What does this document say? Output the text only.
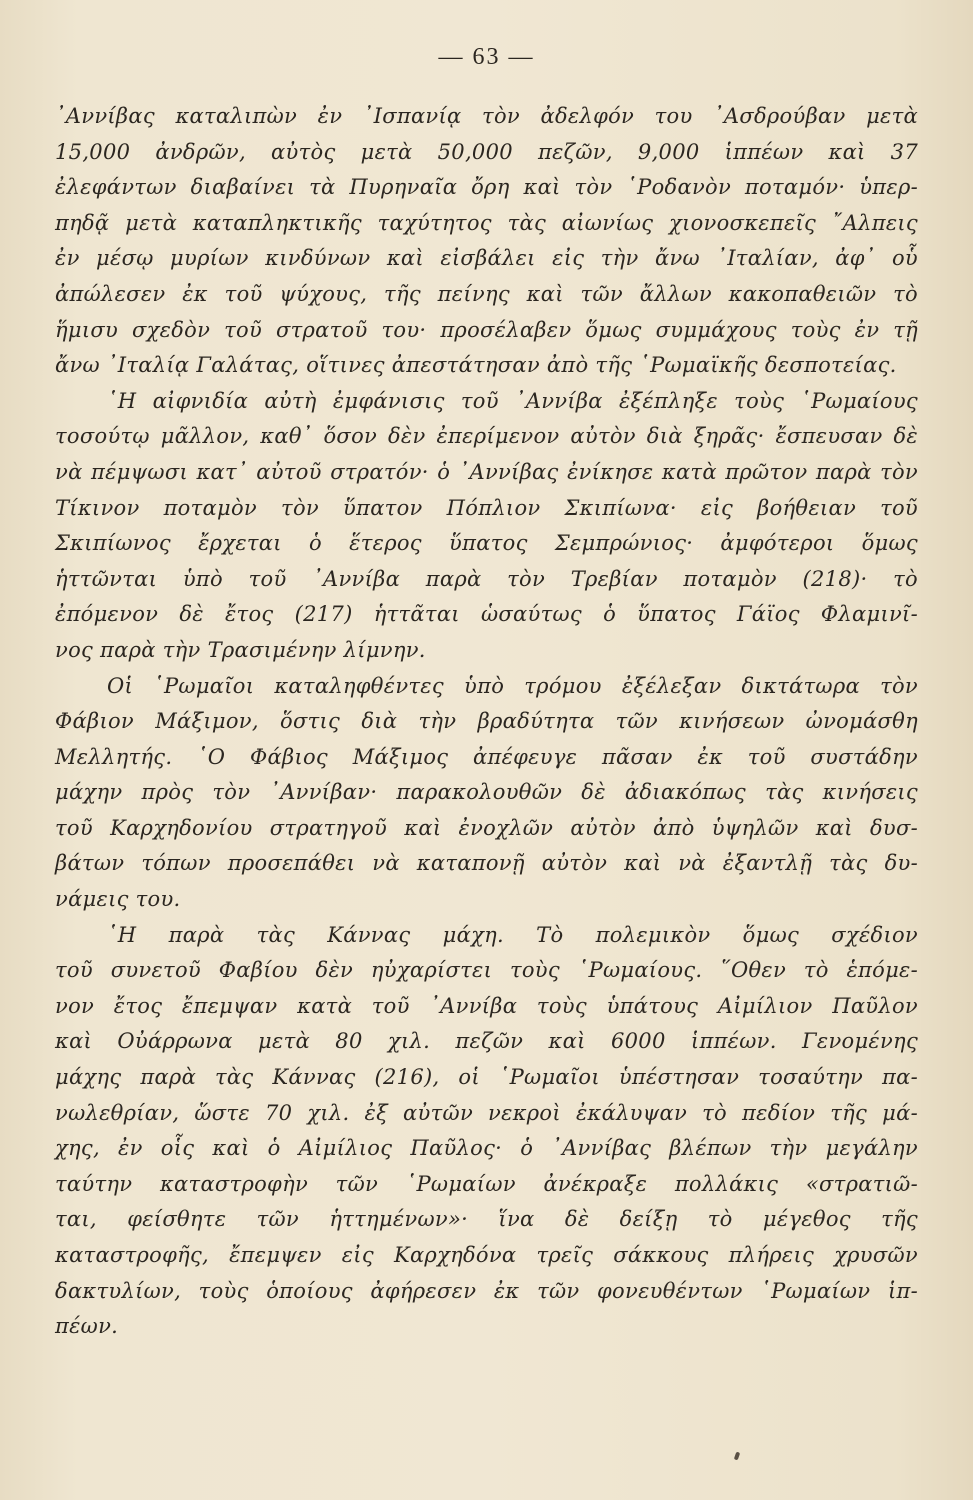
— 63 —
᾿Αννίβας καταλιπὼν ἐν ᾿Ισπανίᾳ τὸν ἀδελφόν του ᾿Ασδρούβαν μετὰ
15,000 ἀνδρῶν, αὐτὸς μετὰ 50,000 πεζῶν, 9,000 ἱππέων καὶ 37
ἐλεφάντων διαβαίνει τὰ Πυρηναῖα ὄρη καὶ τὸν ῾Ροδανὸν ποταμόν· ὑπερ-
πηδᾷ μετὰ καταπληκτικῆς ταχύτητος τὰς αἰωνίως χιονοσκεπεῖς ῎Αλπεις
ἐν μέσῳ μυρίων κινδύνων καὶ εἰσβάλει εἰς τὴν ἄνω ᾿Ιταλίαν, ἀφ᾿ οὗ
ἀπώλεσεν ἐκ τοῦ ψύχους, τῆς πείνης καὶ τῶν ἄλλων κακοπαθειῶν τὸ
ἥμισυ σχεδὸν τοῦ στρατοῦ του· προσέλαβεν ὅμως συμμάχους τοὺς ἐν τῇ
ἄνω ᾿Ιταλίᾳ Γαλάτας, οἵτινες ἀπεστάτησαν ἀπὸ τῆς ῾Ρωμαϊκῆς δεσποτείας.
῾Η αἰφνιδία αὐτὴ ἐμφάνισις τοῦ ᾿Αννίβα ἐξέπληξε τοὺς ῾Ρωμαίους
τοσούτῳ μᾶλλον, καθ᾿ ὅσον δὲν ἐπερίμενον αὐτὸν διὰ ξηρᾶς· ἔσπευσαν δὲ
νὰ πέμψωσι κατ᾿ αὐτοῦ στρατόν· ὁ ᾿Αννίβας ἐνίκησε κατὰ πρῶτον παρὰ τὸν
Τίκινον ποταμὸν τὸν ὕπατον Πόπλιον Σκιπίωνα· εἰς βοήθειαν τοῦ
Σκιπίωνος ἔρχεται ὁ ἕτερος ὕπατος Σεμπρώνιος· ἀμφότεροι ὅμως
ἡττῶνται ὑπὸ τοῦ ᾿Αννίβα παρὰ τὸν Τρεβίαν ποταμὸν (218)· τὸ
ἐπόμενον δὲ ἔτος (217) ἡττᾶται ὡσαύτως ὁ ὕπατος Γάϊος Φλαμινῖ-
νος παρὰ τὴν Τρασιμένην λίμνην.
Οἱ ῾Ρωμαῖοι καταληφθέντες ὑπὸ τρόμου ἐξέλεξαν δικτάτωρα τὸν
Φάβιον Μάξιμον, ὅστις διὰ τὴν βραδύτητα τῶν κινήσεων ὠνομάσθη
Μελλητής. ῾Ο Φάβιος Μάξιμος ἀπέφευγε πᾶσαν ἐκ τοῦ συστάδην
μάχην πρὸς τὸν ᾿Αννίβαν· παρακολουθῶν δὲ ἀδιακόπως τὰς κινήσεις
τοῦ Καρχηδονίου στρατηγοῦ καὶ ἐνοχλῶν αὐτὸν ἀπὸ ὑψηλῶν καὶ δυσ-
βάτων τόπων προσεπάθει νὰ καταπονῇ αὐτὸν καὶ νὰ ἐξαντλῇ τὰς δυ-
νάμεις του.
῾Η παρὰ τὰς Κάννας μάχη. Τὸ πολεμικὸν ὅμως σχέδιον
τοῦ συνετοῦ Φαβίου δὲν ηὐχαρίστει τοὺς ῾Ρωμαίους. ῞Οθεν τὸ ἑπόμε-
νον ἔτος ἔπεμψαν κατὰ τοῦ ᾿Αννίβα τοὺς ὑπάτους Αἰμίλιον Παῦλον
καὶ Οὐάρρωνα μετὰ 80 χιλ. πεζῶν καὶ 6000 ἱππέων. Γενομένης
μάχης παρὰ τὰς Κάννας (216), οἱ ῾Ρωμαῖοι ὑπέστησαν τοσαύτην πα-
νωλεθρίαν, ὥστε 70 χιλ. ἐξ αὐτῶν νεκροὶ ἐκάλυψαν τὸ πεδίον τῆς μά-
χης, ἐν οἷς καὶ ὁ Αἰμίλιος Παῦλος· ὁ ᾿Αννίβας βλέπων τὴν μεγάλην
ταύτην καταστροφὴν τῶν ῾Ρωμαίων ἀνέκραξε πολλάκις «στρατιῶ-
ται, φείσθητε τῶν ἡττημένων»· ἵνα δὲ δείξῃ τὸ μέγεθος τῆς
καταστροφῆς, ἔπεμψεν εἰς Καρχηδόνα τρεῖς σάκκους πλήρεις χρυσῶν
δακτυλίων, τοὺς ὁποίους ἀφήρεσεν ἐκ τῶν φονευθέντων ῾Ρωμαίων ἱπ-
πέων.
